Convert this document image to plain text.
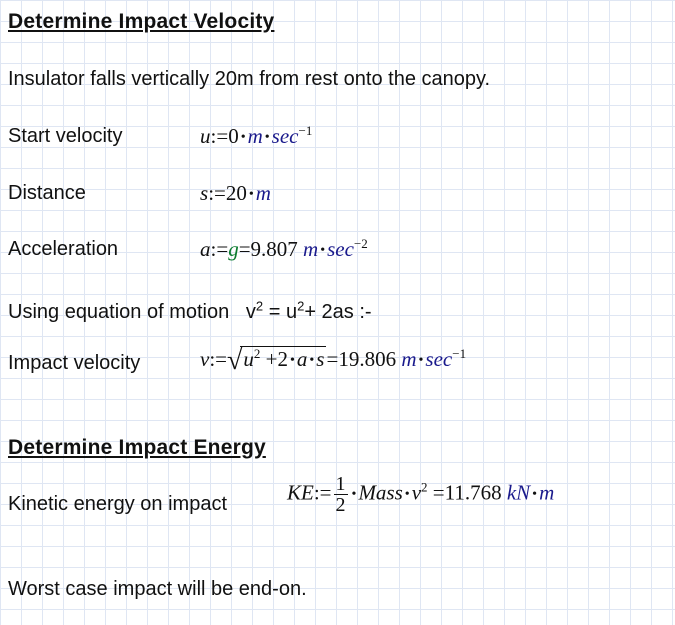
Determine Impact Velocity
Insulator falls vertically 20m from rest onto the canopy.
Start velocity	u:=0 •m $•\sec^{-1}$
Distance	s:=20 •m
Acceleration	a:=g=9.807 m $•\sec^{-2}$
Using equation of motion $v^2 = u^2+ 2as$ :-
Impact velocity	$v:=√u^2 +2$ •a •s=19.806 m $•\sec^{-1}$
Determine Impact Energy
Kinetic energy on impact	KE:= $\frac{1}{2}$ •Mass $•v^2 =11.768$ kN •m
Worst case impact will be end-on.
